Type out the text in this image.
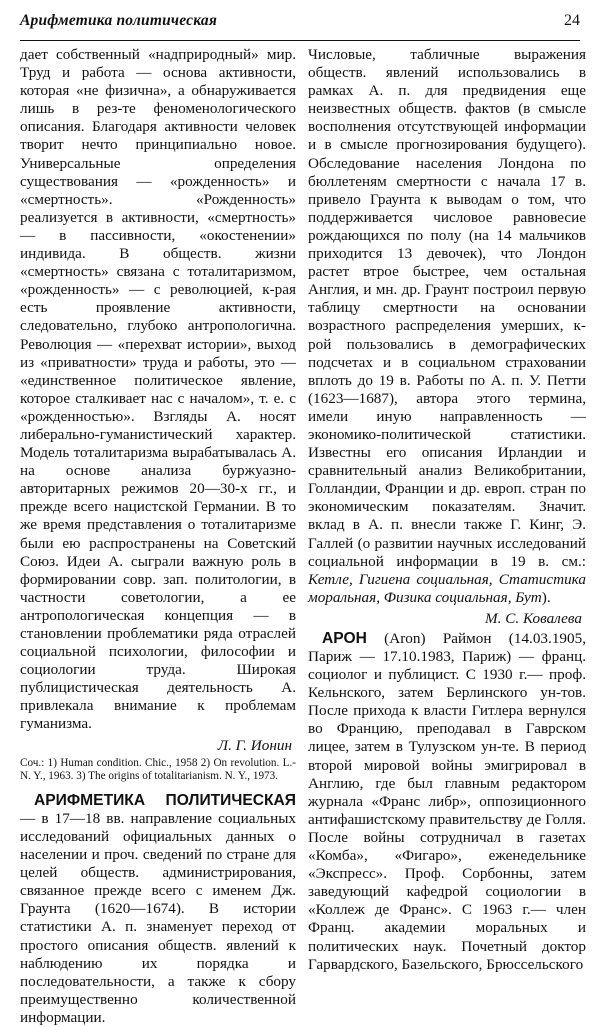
Арифметика политическая	24

дает собственный «надприродный» мир. Труд и работа — основа активности, которая «не физична», а обнаруживается лишь в рез-те феноменологического описания. Благодаря активности человек творит нечто принципиально новое. Универсальные определения существования — «рожденность» и «смертность». «Рожденность» реализуется в активности, «смертность» — в пассивности, «окостенении» индивида. В обществ. жизни «смертность» связана с тоталитаризмом, «рожденность» — с революцией, к-рая есть проявление активности, следовательно, глубоко антропологична. Революция — «перехват истории», выход из «приватности» труда и работы, это — «единственное политическое явление, которое сталкивает нас с началом», т. е. с «рожденностью». Взгляды А. носят либерально-гуманистический характер. Модель тоталитаризма вырабатывалась А. на основе анализа буржуазно-авторитарных режимов 20—30-х гг., и прежде всего нацистской Германии. В то же время представления о тоталитаризме были ею распространены на Советский Союз. Идеи А. сыграли важную роль в формировании совр. зап. политологии, в частности советологии, а ее антропологическая концепция — в становлении проблематики ряда отраслей социальной психологии, философии и социологии труда. Широкая публицистическая деятельность А. привлекала внимание к проблемам гуманизма.

Л. Г. Ионин
Соч.: 1) Human condition. Chic., 1958 2) On revolution. L.-N. Y., 1963. 3) The origins of totalitarianism. N. Y., 1973.

АРИФМЕТИКА ПОЛИТИЧЕСКАЯ — в 17—18 вв. направление социальных исследований официальных данных о населении и проч. сведений по стране для целей обществ. администрирования, связанное прежде всего с именем Дж. Граунта (1620—1674). В истории статистики А. п. знаменует переход от простого описания обществ. явлений к наблюдению их порядка и последовательности, а также к сбору преимущественно количественной информации.

Числовые, табличные выражения обществ. явлений использовались в рамках А. п. для предвидения еще неизвестных обществ. фактов (в смысле восполнения отсутствующей информации и в смысле прогнозирования будущего). Обследование населения Лондона по бюллетеням смертности с начала 17 в. привело Граунта к выводам о том, что поддерживается числовое равновесие рождающихся по полу (на 14 мальчиков приходится 13 девочек), что Лондон растет втрое быстрее, чем остальная Англия, и мн. др. Граунт построил первую таблицу смертности на основании возрастного распределения умерших, к-рой пользовались в демографических подсчетах и в социальном страховании вплоть до 19 в. Работы по А. п. У. Петти (1623—1687), автора этого термина, имели иную направленность — экономико-политической статистики. Известны его описания Ирландии и сравнительный анализ Великобритании, Голландии, Франции и др. европ. стран по экономическим показателям. Значит. вклад в А. п. внесли также Г. Кинг, Э. Галлей (о развитии научных исследований социальной информации в 19 в. см.: Кетле, Гигиена социальная, Статистика моральная, Физика социальная, Бут).

М. С. Ковалева

АРОН (Aron) Раймон (14.03.1905, Париж — 17.10.1983, Париж) — франц. социолог и публицист. С 1930 г.— проф. Кельнского, затем Берлинского ун-тов. После прихода к власти Гитлера вернулся во Францию, преподавал в Гаврском лицее, затем в Тулузском ун-те. В период второй мировой войны эмигрировал в Англию, где был главным редактором журнала «Франс либр», оппозиционного антифашистскому правительству де Голля. После войны сотрудничал в газетах «Комба», «Фигаро», еженедельнике «Экспресс». Проф. Сорбонны, затем заведующий кафедрой социологии в «Коллеж де Франс». С 1963 г.— член Франц. академии моральных и политических наук. Почетный доктор Гарвардского, Базельского, Брюссельского
